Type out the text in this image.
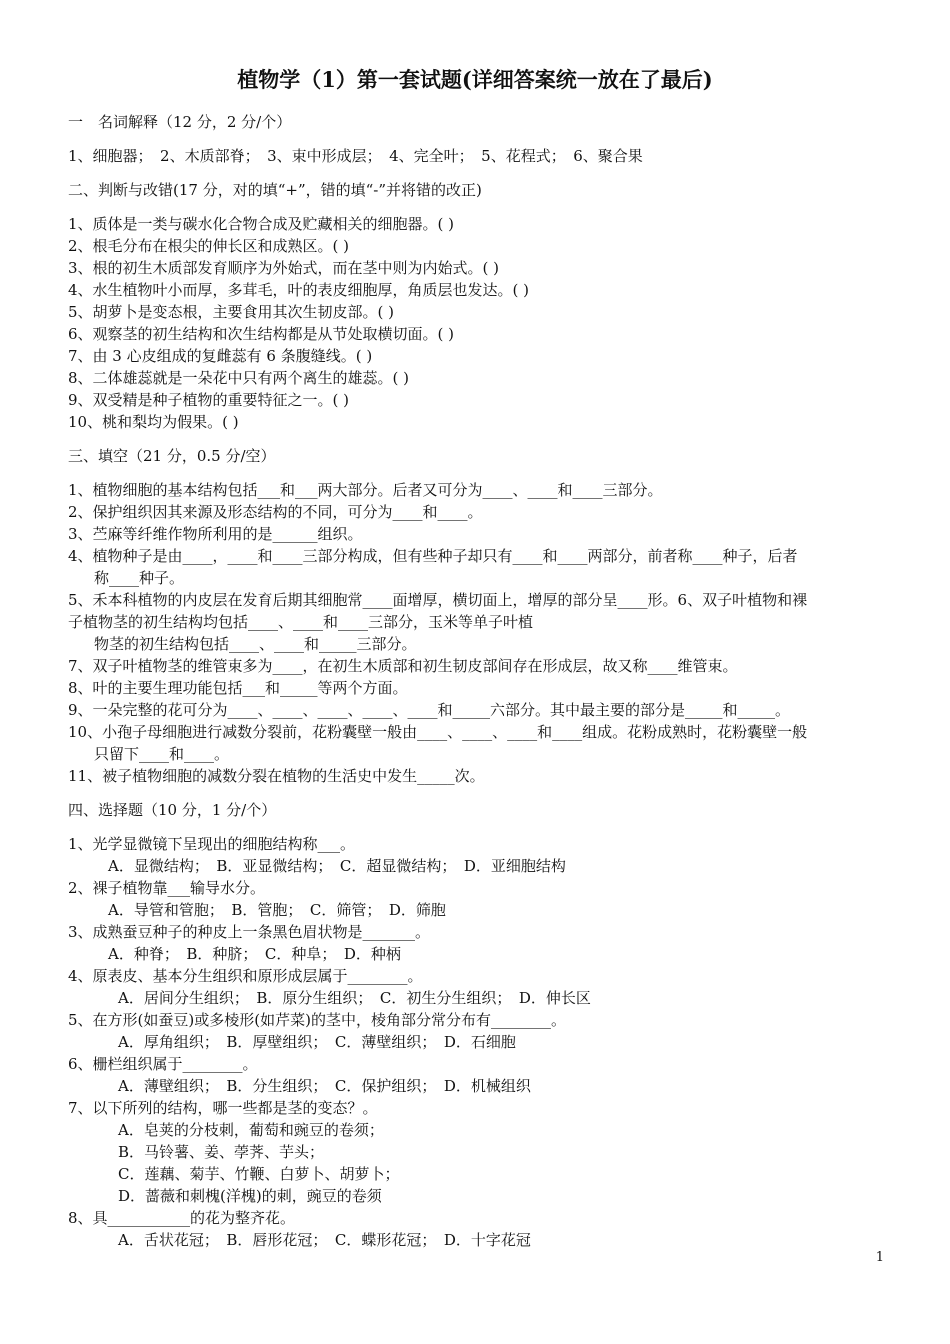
植物学（1）第一套试题(详细答案统一放在了最后)
一　名词解释（12 分，2 分/个）
1、细胞器；　2、木质部脊；　3、束中形成层；　4、完全叶；　5、花程式；　6、聚合果
二、判断与改错(17 分，对的填“+”，错的填“-”并将错的改正)
1、质体是一类与碳水化合物合成及贮藏相关的细胞器。( )
2、根毛分布在根尖的伸长区和成熟区。( )
3、根的初生木质部发育顺序为外始式，而在茎中则为内始式。( )
4、水生植物叶小而厚，多茸毛，叶的表皮细胞厚，角质层也发达。( )
5、胡萝卜是变态根，主要食用其次生韧皮部。( )
6、观察茎的初生结构和次生结构都是从节处取横切面。( )
7、由 3 心皮组成的复雌蕊有 6 条腹缝线。( )
8、二体雄蕊就是一朵花中只有两个离生的雄蕊。( )
9、双受精是种子植物的重要特征之一。( )
10、桃和梨均为假果。( )
三、填空（21 分，0.5 分/空）
1、植物细胞的基本结构包括___和___两大部分。后者又可分为____、____和____三部分。
2、保护组织因其来源及形态结构的不同，可分为____和____。
3、苎麻等纤维作物所利用的是______组织。
4、植物种子是由____，____和____三部分构成，但有些种子却只有____和____两部分，前者称____种子，后者
称____种子。
5、禾本科植物的内皮层在发育后期其细胞常____面增厚，横切面上，增厚的部分呈____形。6、双子叶植物和裸
子植物茎的初生结构均包括____、____和____三部分，玉米等单子叶植
物茎的初生结构包括____、____和_____三部分。
7、双子叶植物茎的维管束多为____，在初生木质部和初生韧皮部间存在形成层，故又称____维管束。
8、叶的主要生理功能包括___和_____等两个方面。
9、一朵完整的花可分为____、____、____、____、____和_____六部分。其中最主要的部分是_____和_____。
10、小孢子母细胞进行减数分裂前，花粉囊壁一般由____、____、____和____组成。花粉成熟时，花粉囊壁一般
只留下____和____。
11、被子植物细胞的减数分裂在植物的生活史中发生_____次。
四、选择题（10 分，1 分/个）
1、光学显微镜下呈现出的细胞结构称___。
A．显微结构；　B．亚显微结构；　C．超显微结构；　D．亚细胞结构
2、裸子植物靠___输导水分。
A．导管和管胞；　B．管胞；　C．筛管；　D．筛胞
3、成熟蚕豆种子的种皮上一条黑色眉状物是_______。
A．种脊；　B．种脐；　C．种阜；　D．种柄
4、原表皮、基本分生组织和原形成层属于________。
A．居间分生组织；　B．原分生组织；　C．初生分生组织；　D．伸长区
5、在方形(如蚕豆)或多棱形(如芹菜)的茎中，棱角部分常分布有________。
A．厚角组织；　B．厚壁组织；　C．薄壁组织；　D．石细胞
6、栅栏组织属于________。
A．薄壁组织；　B．分生组织；　C．保护组织；　D．机械组织
7、以下所列的结构，哪一些都是茎的变态？。
A．皂荚的分枝刺，葡萄和豌豆的卷须；
B．马铃薯、姜、荸荠、芋头；
C．莲藕、菊芋、竹鞭、白萝卜、胡萝卜；
D．蔷薇和刺槐(洋槐)的刺，豌豆的卷须
8、具___________的花为整齐花。
A．舌状花冠；　B．唇形花冠；　C．蝶形花冠；　D．十字花冠
1
